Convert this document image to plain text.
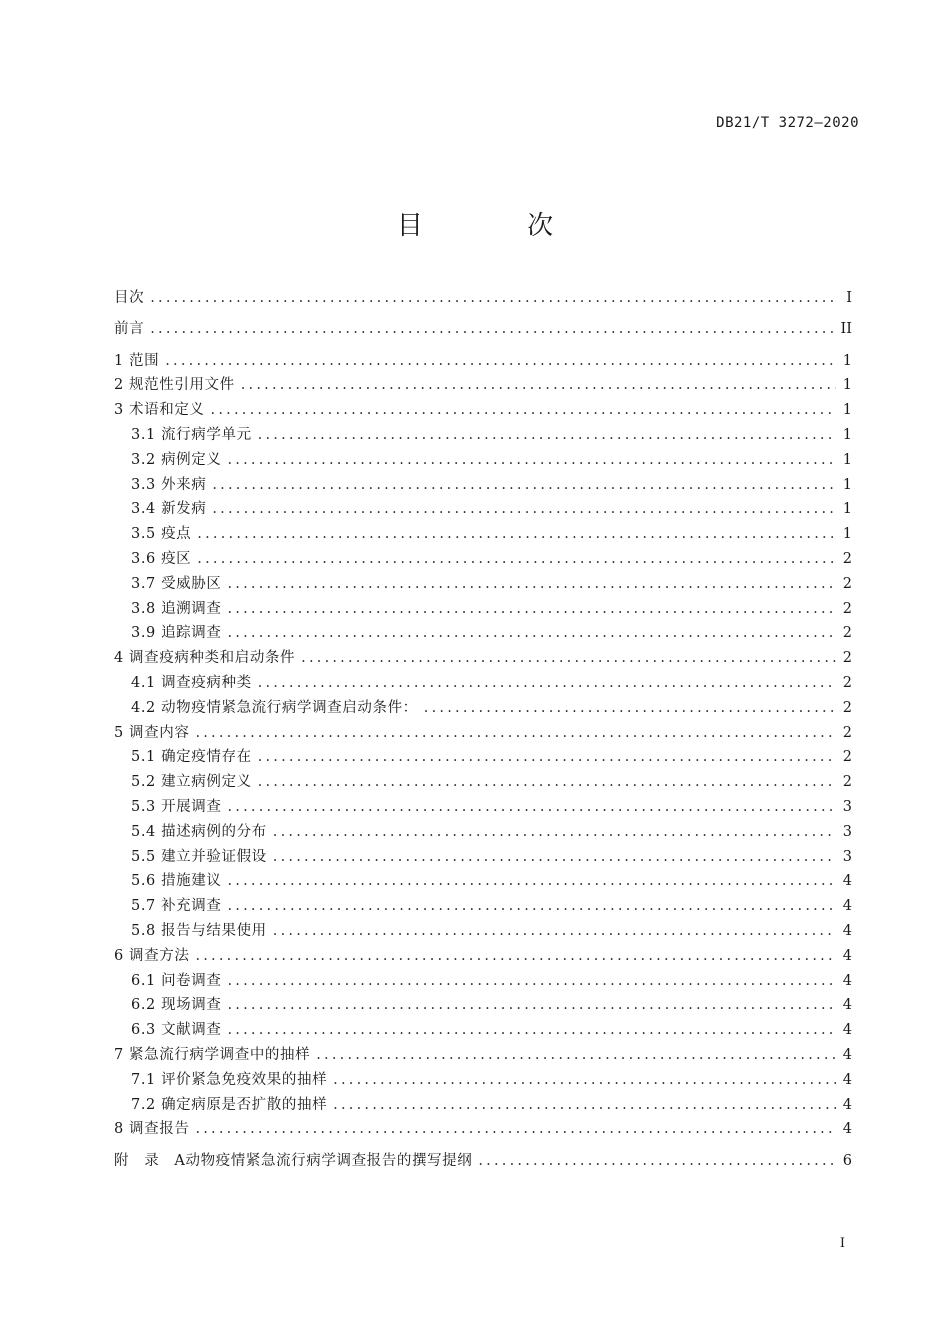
DB21/T 3272—2020
目 次
目次 .....	I
前言 .....	II
1 范围 .....	1
2 规范性引用文件 .....	1
3 术语和定义 .....	1
3.1 流行病学单元 .....	1
3.2 病例定义 .....	1
3.3 外来病 .....	1
3.4 新发病 .....	1
3.5 疫点 .....	1
3.6 疫区 .....	2
3.7 受威胁区 .....	2
3.8 追溯调查 .....	2
3.9 追踪调查 .....	2
4 调查疫病种类和启动条件 .....	2
4.1 调查疫病种类 .....	2
4.2 动物疫情紧急流行病学调查启动条件： .....	2
5 调查内容 .....	2
5.1 确定疫情存在 .....	2
5.2 建立病例定义 .....	2
5.3 开展调查 .....	3
5.4 描述病例的分布 .....	3
5.5 建立并验证假设 .....	3
5.6 措施建议 .....	4
5.7 补充调查 .....	4
5.8 报告与结果使用 .....	4
6 调查方法 .....	4
6.1 问卷调查 .....	4
6.2 现场调查 .....	4
6.3 文献调查 .....	4
7 紧急流行病学调查中的抽样 .....	4
7.1 评价紧急免疫效果的抽样 .....	4
7.2 确定病原是否扩散的抽样 .....	4
8 调查报告 .....	4
附　录　A动物疫情紧急流行病学调查报告的撰写提纲 .....	6
I
